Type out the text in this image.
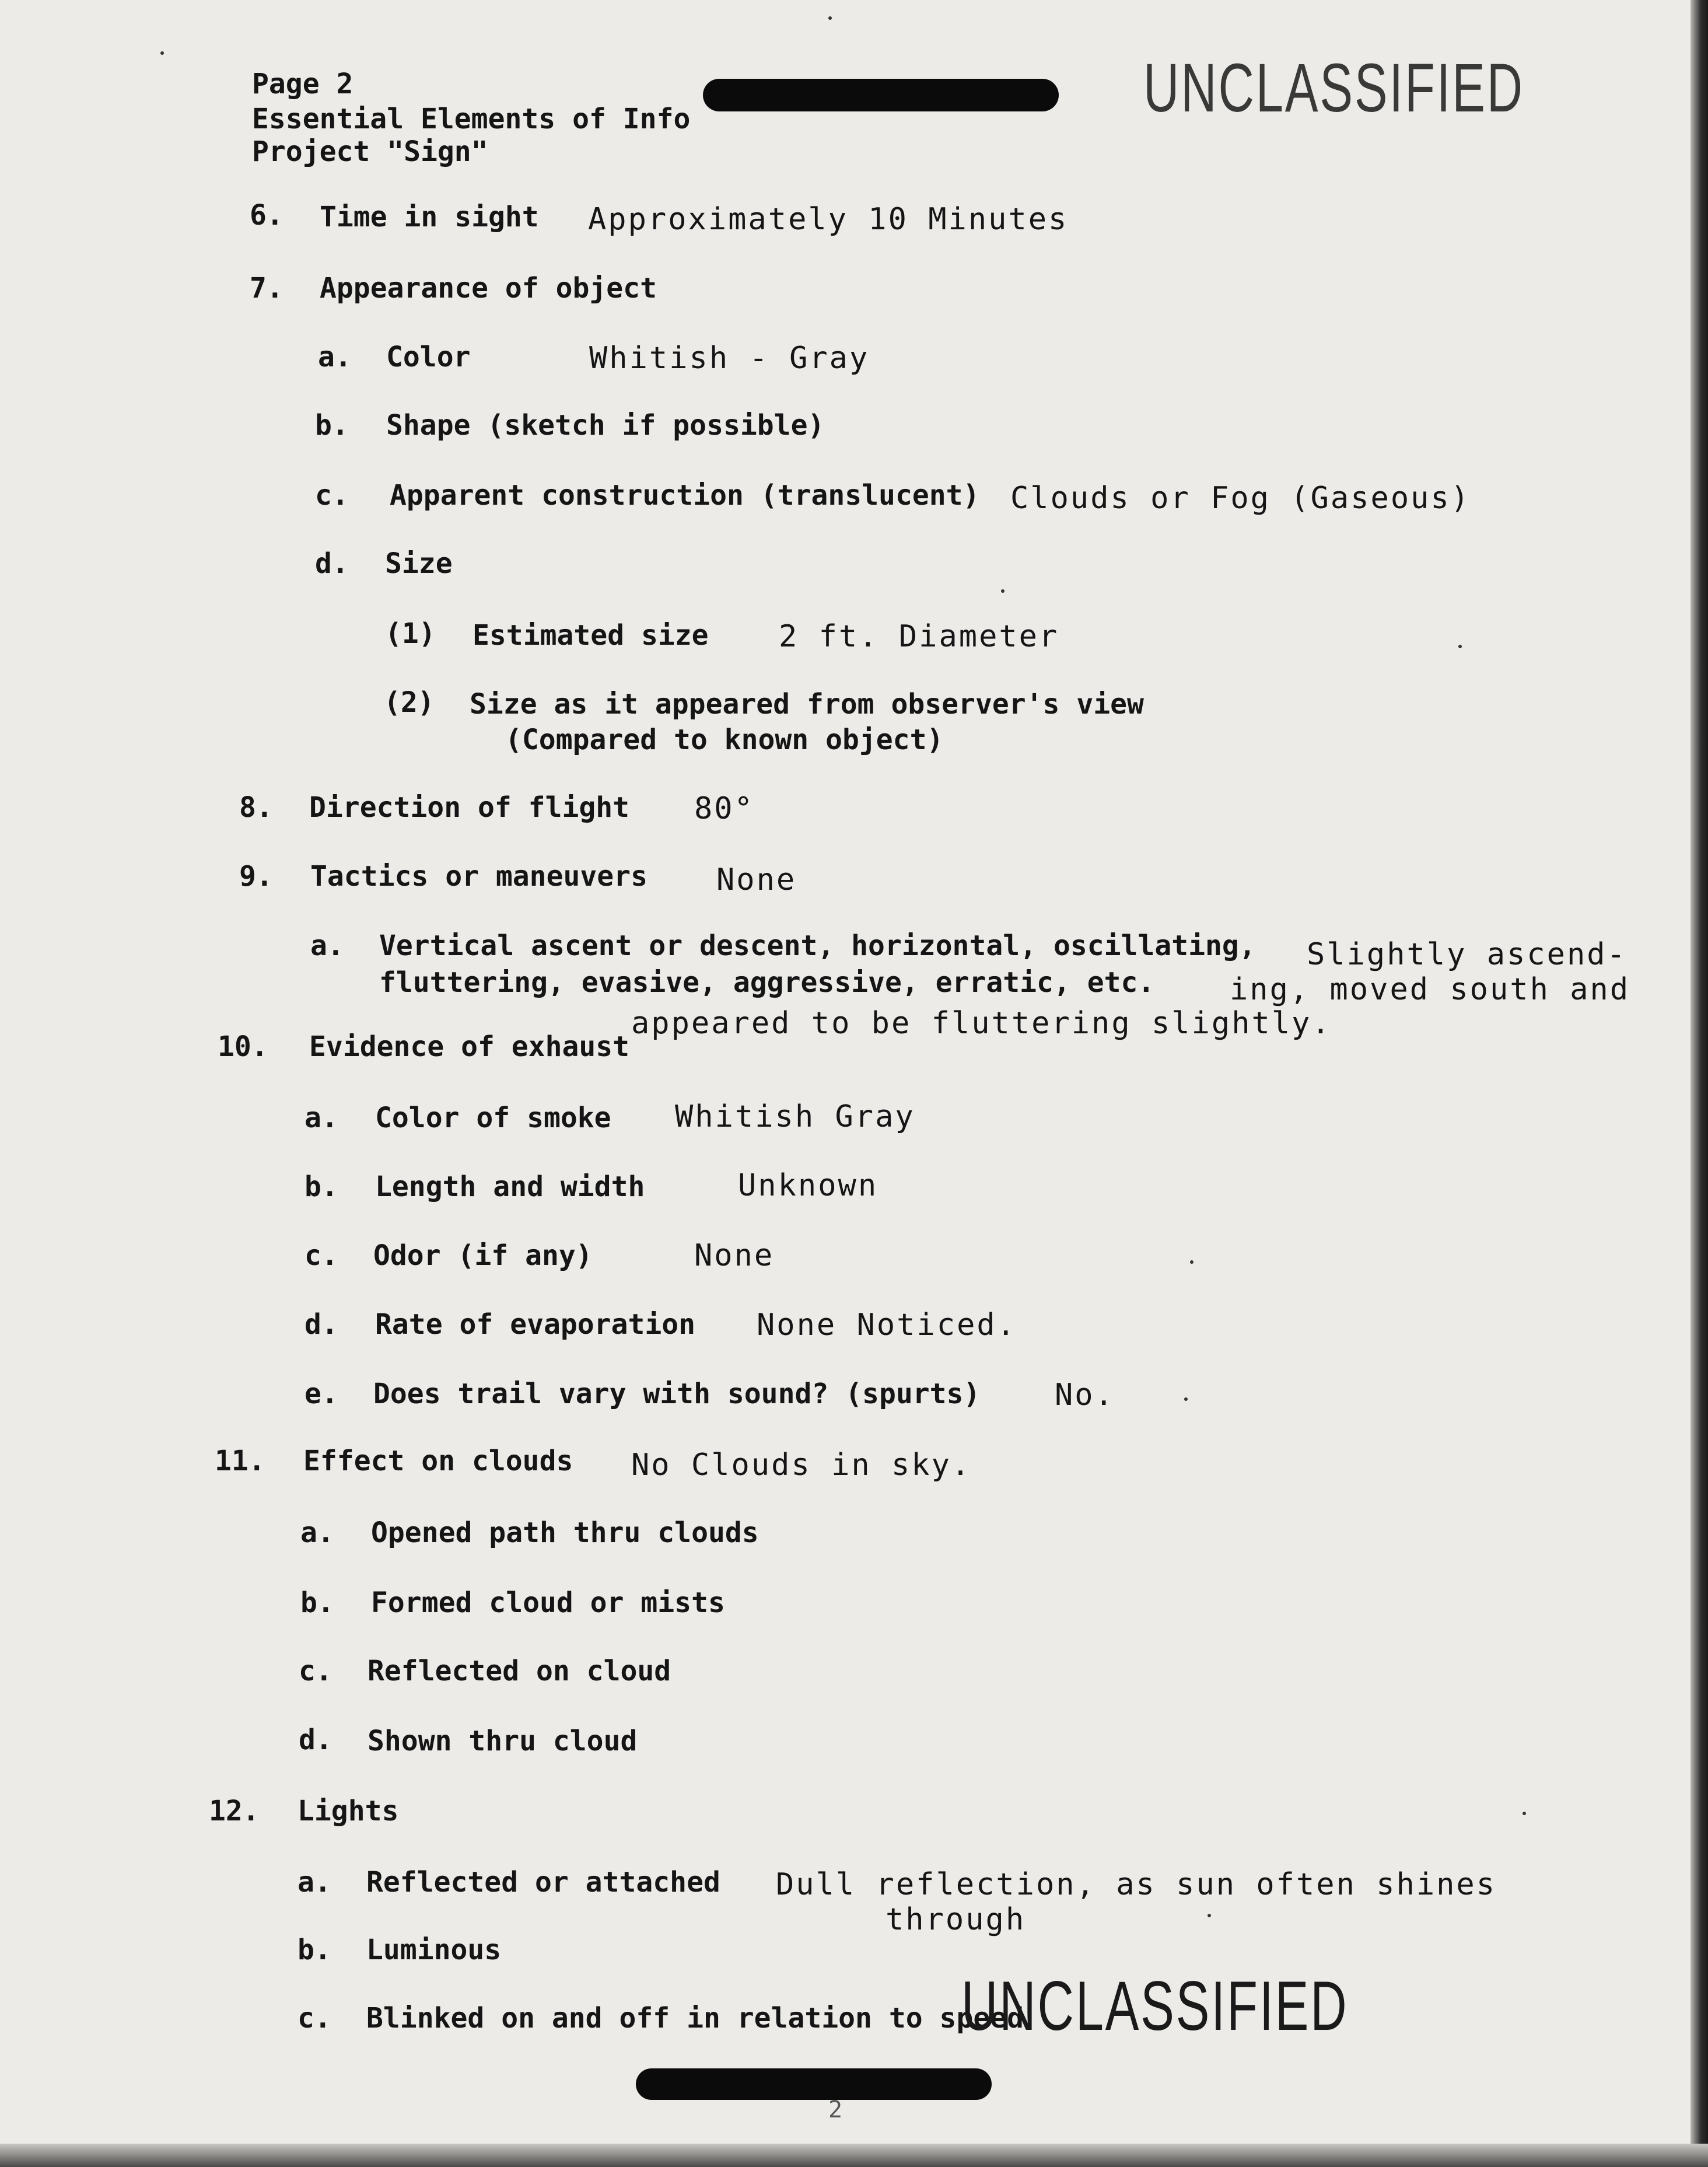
Page 2
Essential Elements of Info
Project "Sign"
UNCLASSIFIED
6. Time in sight Approximately 10 Minutes
7. Appearance of object
a. Color	Whitish - Gray
b. Shape (sketch if possible)
c. Apparent construction (translucent) Clouds or Fog (Gaseous)
d. Size
(1) Estimated size 2 ft. Diameter
(2) Size as it appeared from observer's view
(Compared to known object)
8. Direction of flight 80°
9. Tactics or maneuvers None
a. Vertical ascent or descent, horizontal, oscillating,
fluttering, evasive, aggressive, erratic, etc.
Slightly ascend-
ing, moved south and
appeared to be fluttering slightly.
10. Evidence of exhaust
a. Color of smoke Whitish Gray
b. Length and width	Unknown
c. Odor (if any)	None
d. Rate of evaporation None Noticed.
e. Does trail vary with sound? (spurts) No.
11. Effect on clouds No Clouds in sky.
a. Opened path thru clouds
b. Formed cloud or mists
c. Reflected on cloud
d. Shown thru cloud
12. Lights
a. Reflected or attached Dull reflection, as sun often shines
through
b. Luminous
c. Blinked on and off in relation to speed
UNCLASSIFIED
2
